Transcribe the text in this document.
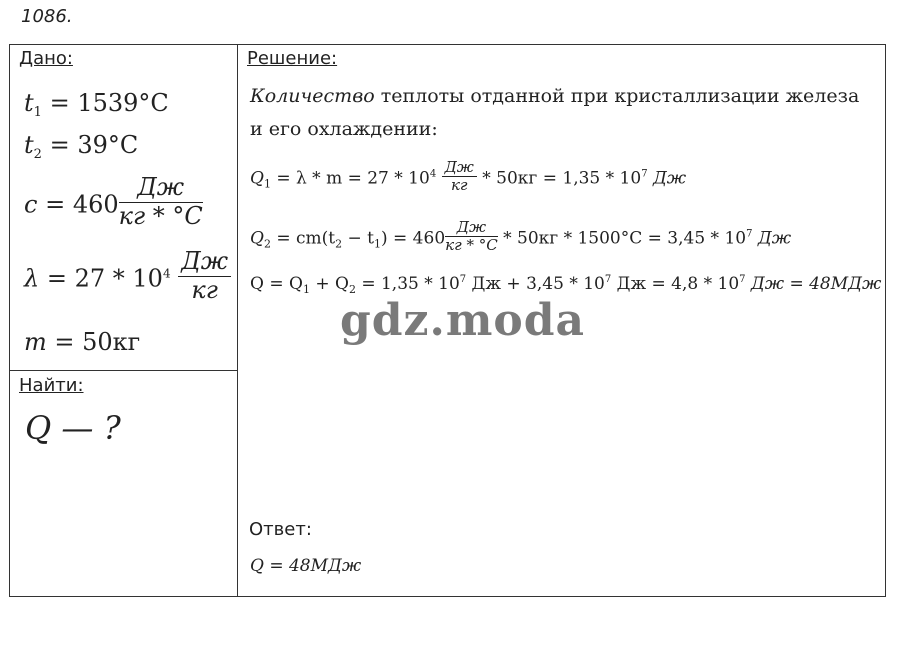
1086.
Дано:
$t_1 = 1539^\circ C$
$t_2 = 39^\circ C$
$c = 460 \frac{Дж}{кг * ^\circ C}$
$\lambda = 27 * 10^4 \frac{Дж}{кг}$
m = 50кг
Найти:
Q — ?
Решение:
Количество теплоты отданной при кристаллизации железа
и его охлаждении:
$Q_1 = \lambda * m = 27 * 10^4 \frac{Дж}{кг} * 50кг = 1,35 * 10^7$ Дж
$Q_2 = cm(t_2 - t_1) = 460 \frac{Дж}{кг * ^\circ C} * 50кг * 1500^\circ C = 3,45 * 10^7$ Дж
$Q = Q_1 + Q_2 = 1,35 * 10^7$ Дж + $3,45 * 10^7$ Дж = $4,8 * 10^7$ Дж = 48МДж
Ответ:
Q = 48МДж
gdz.moda
